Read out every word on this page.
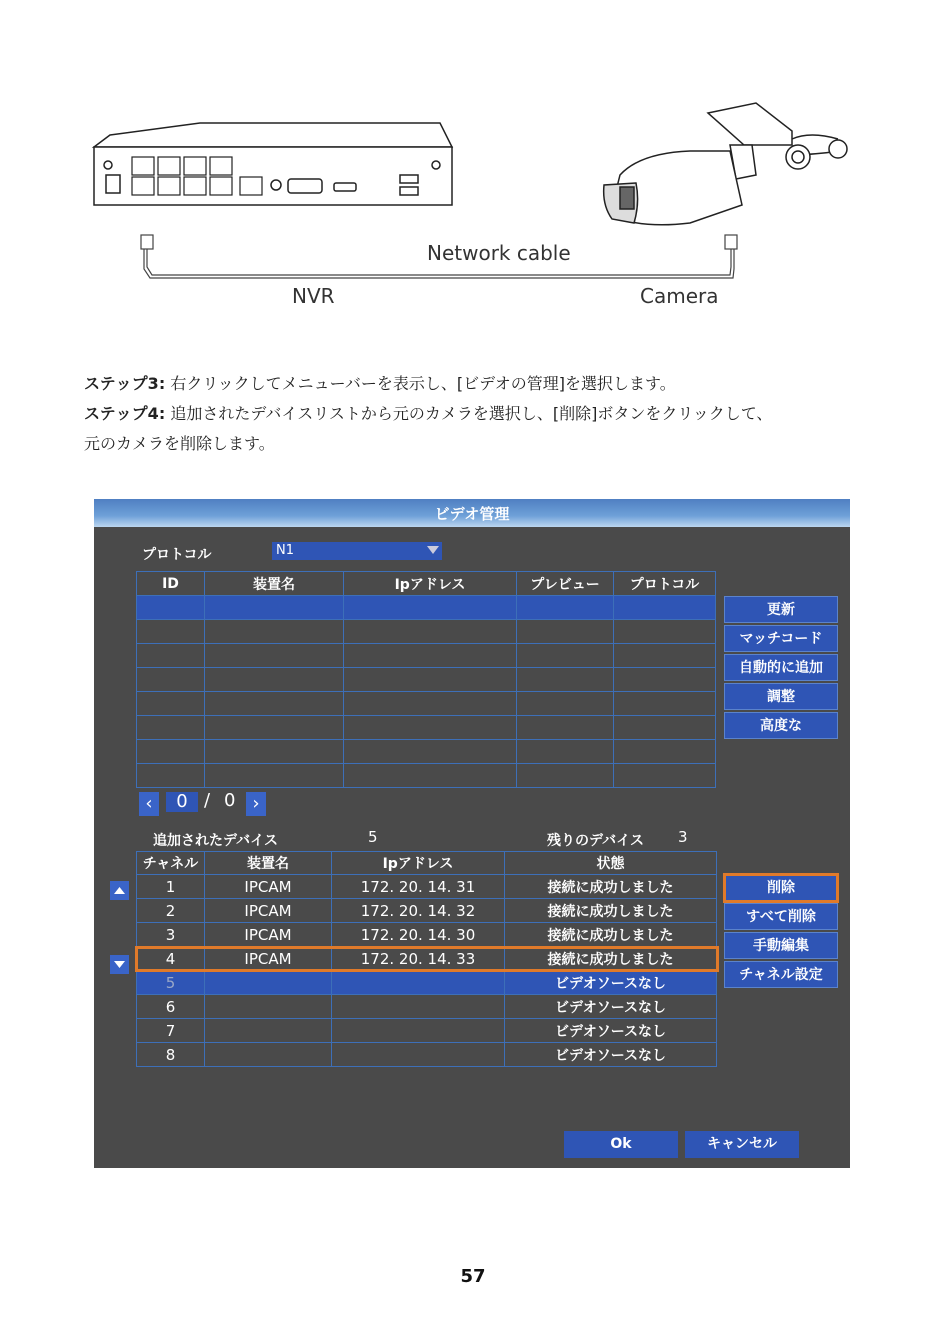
Network cable
NVR	Camera
ステップ3: 右クリックしてメニューバーを表示し、[ビデオの管理]を選択します。
ステップ4: 追加されたデバイスリストから元のカメラを選択し、[削除]ボタンをクリックして、
元のカメラを削除します。
ビデオ管理
プロトコル	N1
ID	装置名	Ipアドレス	プレビュー	プロトコル

更新
マッチコード
自動的に追加
調整
高度な
‹	0 / 0 ›
追加されたデバイス	5	残りのデバイス 3
チャネル	装置名	Ipアドレス	状態
1	IPCAM	172. 20. 14. 31	接続に成功しました
2	IPCAM	172. 20. 14. 32	接続に成功しました
3	IPCAM	172. 20. 14. 30	接続に成功しました
4	IPCAM	172. 20. 14. 33	接続に成功しました
5			ビデオソースなし
6			ビデオソースなし
7			ビデオソースなし
8			ビデオソースなし
削除
すべて削除
手動編集
チャネル設定
Ok	キャンセル
57
